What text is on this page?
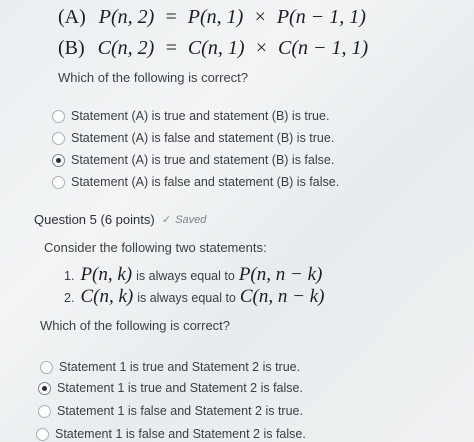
(A) P(n, 2)  =  P(n, 1)  ×  P(n − 1, 1)
(B) C(n, 2)  =  C(n, 1)  ×  C(n − 1, 1)
Which of the following is correct?
Statement (A) is true and statement (B) is true.
Statement (A) is false and statement (B) is true.
Statement (A) is true and statement (B) is false.
Statement (A) is false and statement (B) is false.
Question 5 (6 points) ✓ Saved
Consider the following two statements:
1. P(n, k) is always equal to P(n, n − k)
2. C(n, k) is always equal to C(n, n − k)
Which of the following is correct?
Statement 1 is true and Statement 2 is true.
Statement 1 is true and Statement 2 is false.
Statement 1 is false and Statement 2 is true.
Statement 1 is false and Statement 2 is false.
